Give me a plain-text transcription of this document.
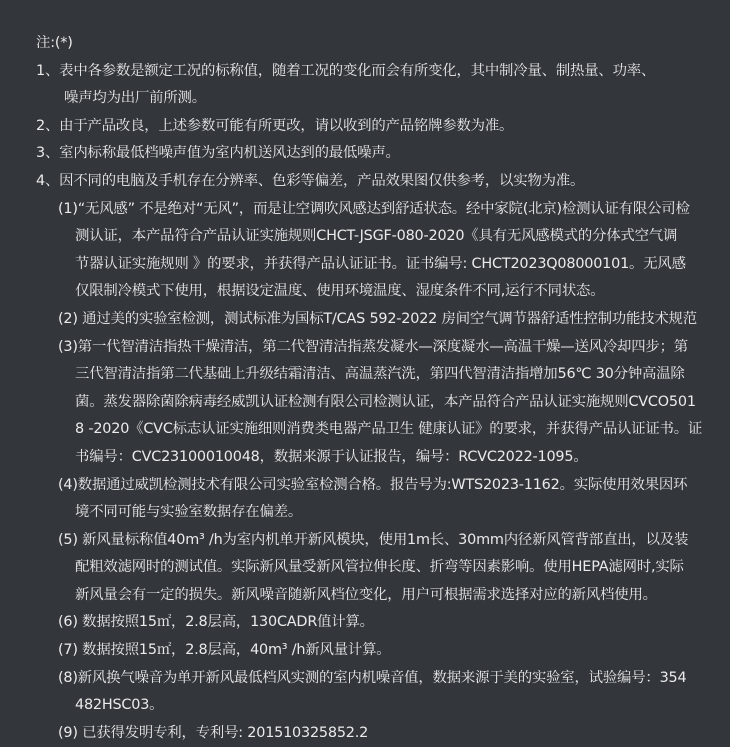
注:(*)
1、表中各参数是额定工况的标称值，随着工况的变化而会有所变化，其中制冷量、制热量、功率、
噪声均为出厂前所测。
2、由于产品改良，上述参数可能有所更改，请以收到的产品铭牌参数为准。
3、室内标称最低档噪声值为室内机送风达到的最低噪声。
4、因不同的电脑及手机存在分辨率、色彩等偏差，产品效果图仅供参考，以实物为准。
(1)“无风感” 不是绝对“无风”，而是让空调吹风感达到舒适状态。经中家院(北京)检测认证有限公司检
测认证，本产品符合产品认证实施规则CHCT-JSGF-080-2020《具有无风感模式的分体式空气调
节器认证实施规则 》的要求，并获得产品认证证书。证书编号: CHCT2023Q08000101。无风感
仅限制冷模式下使用，根据设定温度、使用环境温度、湿度条件不同,运行不同状态。
(2) 通过美的实验室检测，测试标准为国标T/CAS 592-2022 房间空气调节器舒适性控制功能技术规范
(3)第一代智清洁指热干燥清洁，第二代智清洁指蒸发凝水—深度凝水—高温干燥—送风冷却四步；第
三代智清洁指第二代基础上升级结霜清洁、高温蒸汽洗，第四代智清洁指增加56℃ 30分钟高温除
菌。蒸发器除菌除病毒经威凯认证检测有限公司检测认证，本产品符合产品认证实施规则CVCO501
8 -2020《CVC标志认证实施细则消费类电器产品卫生 健康认证》的要求，并获得产品认证证书。证
书编号：CVC23100010048，数据来源于认证报告，编号：RCVC2022-1095。
(4)数据通过威凯检测技术有限公司实验室检测合格。报告号为:WTS2023-1162。实际使用效果因环
境不同可能与实验室数据存在偏差。
(5) 新风量标称值40m³ /h为室内机单开新风模块，使用1m长、30mm内径新风管背部直出，以及装
配粗效滤网时的测试值。实际新风量受新风管拉伸长度、折弯等因素影响。使用HEPA滤网时,实际
新风量会有一定的损失。新风噪音随新风档位变化，用户可根据需求选择对应的新风档使用。
(6) 数据按照15㎡，2.8层高，130CADR值计算。
(7) 数据按照15㎡，2.8层高，40m³ /h新风量计算。
(8)新风换气噪音为单开新风最低档风实测的室内机噪音值，数据来源于美的实验室，试验编号：354
482HSC03。
(9) 已获得发明专利，专利号: 201510325852.2
